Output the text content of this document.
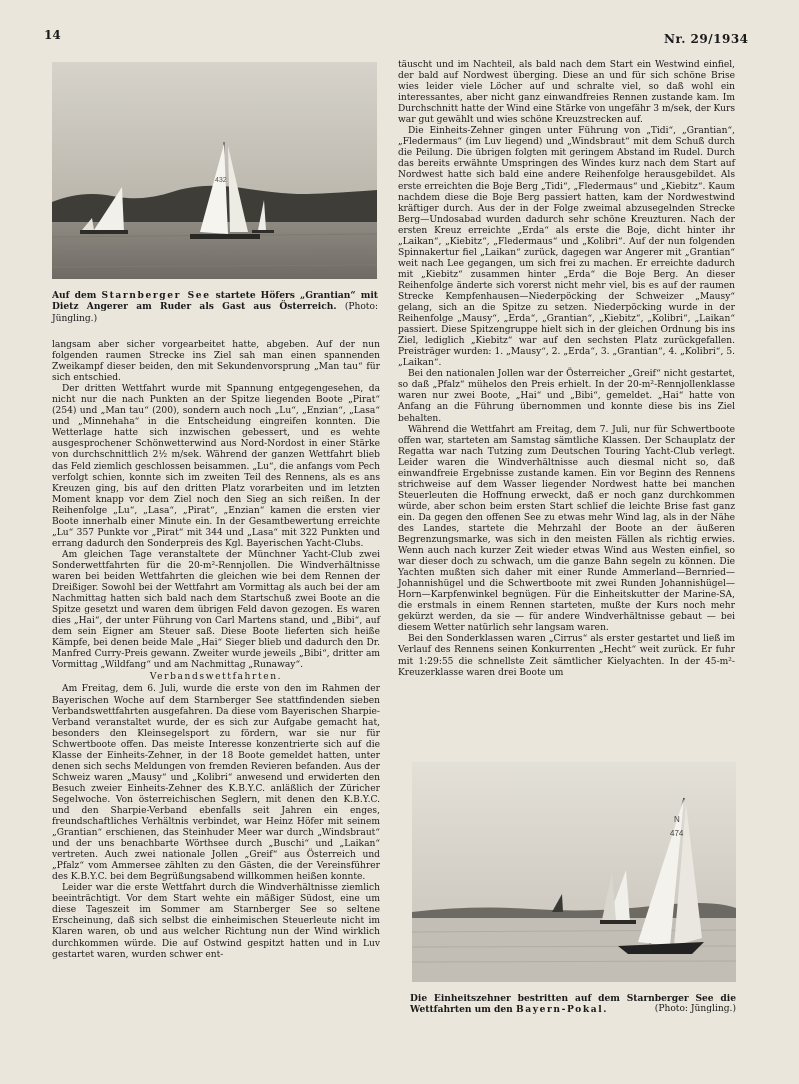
14	Nr. 29/1934
432
Auf dem Starnberger See startete Höfers „Grantian“ mit Dietz Angerer am Ruder als Gast aus Österreich. (Photo: Jüngling.)

langsam aber sicher vorgearbeitet hatte, abgeben. Auf der nun folgenden raumen Strecke ins Ziel sah man einen spannenden Zweikampf dieser beiden, den mit Sekundenvorsprung „Man tau“ für sich entschied.

Der dritten Wettfahrt wurde mit Spannung entgegengesehen, da nicht nur die nach Punkten an der Spitze liegenden Boote „Pirat“ (254) und „Man tau“ (200), sondern auch noch „Lu“, „Enzian“, „Lasa“ und „Minnehaha“ in die Entscheidung eingreifen konnten. Die Wetterlage hatte sich inzwischen gebessert, und es wehte ausgesprochener Schönwetterwind aus Nord-Nordost in einer Stärke von durchschnittlich 2½ m/sek. Während der ganzen Wettfahrt blieb das Feld ziemlich geschlossen beisammen. „Lu“, die anfangs vom Pech verfolgt schien, konnte sich im zweiten Teil des Rennens, als es ans Kreuzen ging, bis auf den dritten Platz vorarbeiten und im letzten Moment knapp vor dem Ziel noch den Sieg an sich reißen. In der Reihenfolge „Lu“, „Lasa“, „Pirat“, „Enzian“ kamen die ersten vier Boote innerhalb einer Minute ein. In der Gesamtbewertung erreichte „Lu“ 357 Punkte vor „Pirat“ mit 344 und „Lasa“ mit 322 Punkten und errang dadurch den Sonderpreis des Kgl. Bayerischen Yacht-Clubs.

Am gleichen Tage veranstaltete der Münchner Yacht-Club zwei Sonderwettfahrten für die 20-m²-Rennjollen. Die Windverhältnisse waren bei beiden Wettfahrten die gleichen wie bei dem Rennen der Dreißiger. Sowohl bei der Wettfahrt am Vormittag als auch bei der am Nachmittag hatten sich bald nach dem Startschuß zwei Boote an die Spitze gesetzt und waren dem übrigen Feld davon gezogen. Es waren dies „Hai“, der unter Führung von Carl Martens stand, und „Bibi“, auf dem sein Eigner am Steuer saß. Diese Boote lieferten sich heiße Kämpfe, bei denen beide Male „Hai“ Sieger blieb und dadurch den Dr. Manfred Curry-Preis gewann. Zweiter wurde jeweils „Bibi“, dritter am Vormittag „Wildfang“ und am Nachmittag „Runaway“.

Verbandswettfahrten.

Am Freitag, dem 6. Juli, wurde die erste von den im Rahmen der Bayerischen Woche auf dem Starnberger See stattfindenden sieben Verbandswettfahrten ausgefahren. Da diese vom Bayerischen Sharpie-Verband veranstaltet wurde, der es sich zur Aufgabe gemacht hat, besonders den Kleinsegelsport zu fördern, war sie nur für Schwertboote offen. Das meiste Interesse konzentrierte sich auf die Klasse der Einheits-Zehner, in der 18 Boote gemeldet hatten, unter denen sich sechs Meldungen von fremden Revieren befanden. Aus der Schweiz waren „Mausy“ und „Kolibri“ anwesend und erwiderten den Besuch zweier Einheits-Zehner des K.B.Y.C. anläßlich der Züricher Segelwoche. Von österreichischen Seglern, mit denen den K.B.Y.C. und den Sharpie-Verband ebenfalls seit Jahren ein enges, freundschaftliches Verhältnis verbindet, war Heinz Höfer mit seinem „Grantian“ erschienen, das Steinhuder Meer war durch „Windsbraut“ und der uns benachbarte Wörthsee durch „Buschi“ und „Laikan“ vertreten. Auch zwei nationale Jollen „Greif“ aus Österreich und „Pfalz“ vom Ammersee zählten zu den Gästen, die der Vereinsführer des K.B.Y.C. bei dem Begrüßungsabend willkommen heißen konnte.

Leider war die erste Wettfahrt durch die Windverhältnisse ziemlich beeinträchtigt. Vor dem Start wehte ein mäßiger Südost, eine um diese Tageszeit im Sommer am Starnberger See so seltene Erscheinung, daß sich selbst die einheimischen Steuerleute nicht im Klaren waren, ob und aus welcher Richtung nun der Wind wirklich durchkommen würde. Die auf Ostwind gespitzt hatten und in Luv gestartet waren, wurden schwer ent-

täuscht und im Nachteil, als bald nach dem Start ein Westwind einfiel, der bald auf Nordwest überging. Diese an und für sich schöne Brise wies leider viele Löcher auf und schralte viel, so daß wohl ein interessantes, aber nicht ganz einwandfreies Rennen zustande kam. Im Durchschnitt hatte der Wind eine Stärke von ungefähr 3 m/sek, der Kurs war gut gewählt und wies schöne Kreuzstrecken auf.

Die Einheits-Zehner gingen unter Führung von „Tidi“, „Grantian“, „Fledermaus“ (im Luv liegend) und „Windsbraut“ mit dem Schuß durch die Peilung. Die übrigen folgten mit geringem Abstand im Rudel. Durch das bereits erwähnte Umspringen des Windes kurz nach dem Start auf Nordwest hatte sich bald eine andere Reihenfolge herausgebildet. Als erste erreichten die Boje Berg „Tidi“, „Fledermaus“ und „Kiebitz“. Kaum nachdem diese die Boje Berg passiert hatten, kam der Nordwestwind kräftiger durch. Aus der in der Folge zweimal abzusegelnden Strecke Berg—Undosabad wurden dadurch sehr schöne Kreuzturen. Nach der ersten Kreuz erreichte „Erda“ als erste die Boje, dicht hinter ihr „Laikan“, „Kiebitz“, „Fledermaus“ und „Kolibri“. Auf der nun folgenden Spinnakertur fiel „Laikan“ zurück, dagegen war Angerer mit „Grantian“ weit nach Lee gegangen, um sich frei zu machen. Er erreichte dadurch mit „Kiebitz“ zusammen hinter „Erda“ die Boje Berg. An dieser Reihenfolge änderte sich vorerst nicht mehr viel, bis es auf der raumen Strecke Kempfenhausen—Niederpöcking der Schweizer „Mausy“ gelang, sich an die Spitze zu setzen. Niederpöcking wurde in der Reihenfolge „Mausy“, „Erda“, „Grantian“, „Kiebitz“, „Kolibri“, „Laikan“ passiert. Diese Spitzengruppe hielt sich in der gleichen Ordnung bis ins Ziel, lediglich „Kiebitz“ war auf den sechsten Platz zurückgefallen. Preisträger wurden: 1. „Mausy“, 2. „Erda“, 3. „Grantian“, 4. „Kolibri“, 5. „Laikan“.

Bei den nationalen Jollen war der Österreicher „Greif“ nicht gestartet, so daß „Pfalz“ mühelos den Preis erhielt. In der 20-m²-Rennjollenklasse waren nur zwei Boote, „Hai“ und „Bibi“, gemeldet. „Hai“ hatte von Anfang an die Führung übernommen und konnte diese bis ins Ziel behalten.

Während die Wettfahrt am Freitag, dem 7. Juli, nur für Schwertboote offen war, starteten am Samstag sämtliche Klassen. Der Schauplatz der Regatta war nach Tutzing zum Deutschen Touring Yacht-Club verlegt. Leider waren die Windverhältnisse auch diesmal nicht so, daß einwandfreie Ergebnisse zustande kamen. Ein vor Beginn des Rennens strichweise auf dem Wasser liegender Nordwest hatte bei manchen Steuerleuten die Hoffnung erweckt, daß er noch ganz durchkommen würde, aber schon beim ersten Start schlief die leichte Brise fast ganz ein. Da gegen den offenen See zu etwas mehr Wind lag, als in der Nähe des Landes, startete die Mehrzahl der Boote an der äußeren Begrenzungsmarke, was sich in den meisten Fällen als richtig erwies. Wenn auch nach kurzer Zeit wieder etwas Wind aus Westen einfiel, so war dieser doch zu schwach, um die ganze Bahn segeln zu können. Die Yachten mußten sich daher mit einer Runde Ammerland—Bernried—Johannishügel und die Schwertboote mit zwei Runden Johannishügel—Horn—Karpfenwinkel begnügen. Für die Einheitskutter der Marine-SA, die erstmals in einem Rennen starteten, mußte der Kurs noch mehr gekürzt werden, da sie — für andere Windverhältnisse gebaut — bei diesem Wetter natürlich sehr langsam waren.

Bei den Sonderklassen waren „Cirrus“ als erster gestartet und ließ im Verlauf des Rennens seinen Konkurrenten „Hecht“ weit zurück. Er fuhr mit 1:29:55 die schnellste Zeit sämtlicher Kielyachten. In der 45-m²-Kreuzerklasse waren drei Boote um

N
474
Die Einheitszehner bestritten auf dem Starnberger See die Wettfahrten um den Bayern-Pokal.	(Photo: Jüngling.)
